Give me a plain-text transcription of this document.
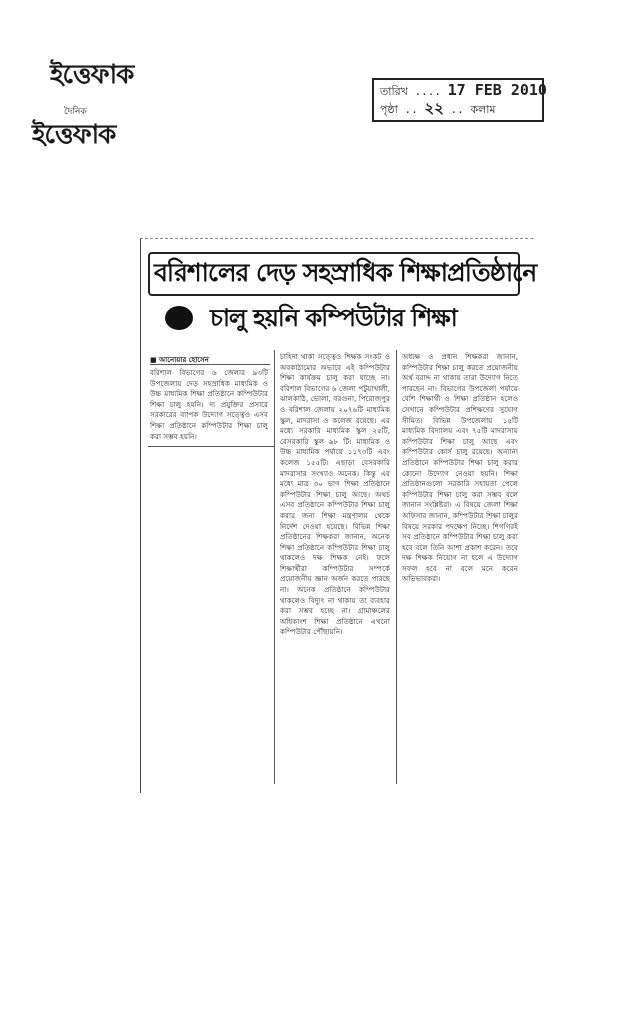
ইত্তেফাক
দৈনিক
ইত্তেফাক
তারিখ .... 17 FEB 2010
পৃষ্ঠা .. ২২ .. কলাম
বরিশালের দেড় সহস্রাধিক শিক্ষাপ্রতিষ্ঠানে
চালু হয়নি কম্পিউটার শিক্ষা
■ আনোয়ার হোসেন
বরিশাল বিভাগের ৬ জেলার ৯৩টি উপজেলায় দেড় সহস্রাধিক মাধ্যমিক ও উচ্চ মাধ্যমিক শিক্ষা প্রতিষ্ঠানে কম্পিউটার শিক্ষা চালু হয়নি। দ্য প্রযুক্তির প্রসারে সরকারের ব্যাপক উদ্যোগ সত্ত্বেও এসব শিক্ষা প্রতিষ্ঠানে কম্পিউটার শিক্ষা চালু করা সম্ভব হয়নি।
চাহিদা থাকা সত্ত্বেও শিক্ষক সংকট ও অবকাঠামোর অভাবে এই কম্পিউটার শিক্ষা কার্যক্রম চালু করা যাচ্ছে না। বরিশাল বিভাগের ৬ জেলা পটুয়াখালী, ঝালকাঠি, ভোলা, বরগুনা, পিরোজপুর ও বরিশাল জেলায় ২০৭৬টি মাধ্যমিক স্কুল, মাদরাসা ও কলেজ রয়েছে। এর মধ্যে সরকারি মাধ্যমিক স্কুল ২৫টি, বেসরকারি স্কুল ৯৮ টি। মাধ্যমিক ও উচ্চ মাধ্যমিক পর্যায়ে ১১৭৩টি এবং কলেজ ১৫৫টি। এছাড়া বেসরকারি মাদরাসার সংখ্যাও অনেক। কিন্তু এর মধ্যে মাত্র ৩০ ভাগ শিক্ষা প্রতিষ্ঠানে কম্পিউটার শিক্ষা চালু আছে। অথচ এসব প্রতিষ্ঠানে কম্পিউটার শিক্ষা চালু করার জন্য শিক্ষা মন্ত্রণালয় থেকে নির্দেশ দেওয়া হয়েছে। বিভিন্ন শিক্ষা প্রতিষ্ঠানের শিক্ষকরা জানান, অনেক শিক্ষা প্রতিষ্ঠানে কম্পিউটার শিক্ষা চালু থাকলেও দক্ষ শিক্ষক নেই। ফলে শিক্ষার্থীরা কম্পিউটার সম্পর্কে প্রয়োজনীয় জ্ঞান অর্জন করতে পারছে না। অনেক প্রতিষ্ঠানে কম্পিউটার থাকলেও বিদ্যুৎ না থাকায় তা ব্যবহার করা সম্ভব হচ্ছে না। গ্রামাঞ্চলের অধিকাংশ শিক্ষা প্রতিষ্ঠানে এখনো কম্পিউটার পৌঁছায়নি।
অধ্যক্ষ ও প্রধান শিক্ষকরা জানান, কম্পিউটার শিক্ষা চালু করতে প্রয়োজনীয় অর্থ বরাদ্দ না থাকায় তারা উদ্যোগ নিতে পারছেন না। বিভাগের উপজেলা পর্যায়ে বেশি শিক্ষার্থী ও শিক্ষা প্রতিষ্ঠান হলেও সেখানে কম্পিউটার প্রশিক্ষণের সুযোগ সীমিত। বিভিন্ন উপজেলায় ১৫টি মাধ্যমিক বিদ্যালয় এবং ৭৫টি মাদরাসায় কম্পিউটার শিক্ষা চালু আছে এবং কম্পিউটার কোর্স চালু রয়েছে। অন্যান্য প্রতিষ্ঠানে কম্পিউটার শিক্ষা চালু করার কোনো উদ্যোগ নেওয়া হয়নি। শিক্ষা প্রতিষ্ঠানগুলো সরকারি সহায়তা পেলে কম্পিউটার শিক্ষা চালু করা সম্ভব বলে জানান সংশ্লিষ্টরা। এ বিষয়ে জেলা শিক্ষা অফিসার জানান, কম্পিউটার শিক্ষা চালুর বিষয়ে সরকার পদক্ষেপ নিচ্ছে। শিগগিরই সব প্রতিষ্ঠানে কম্পিউটার শিক্ষা চালু করা হবে বলে তিনি আশা প্রকাশ করেন। তবে দক্ষ শিক্ষক নিয়োগ না হলে এ উদ্যোগ সফল হবে না বলে মনে করেন অভিভাবকরা।
